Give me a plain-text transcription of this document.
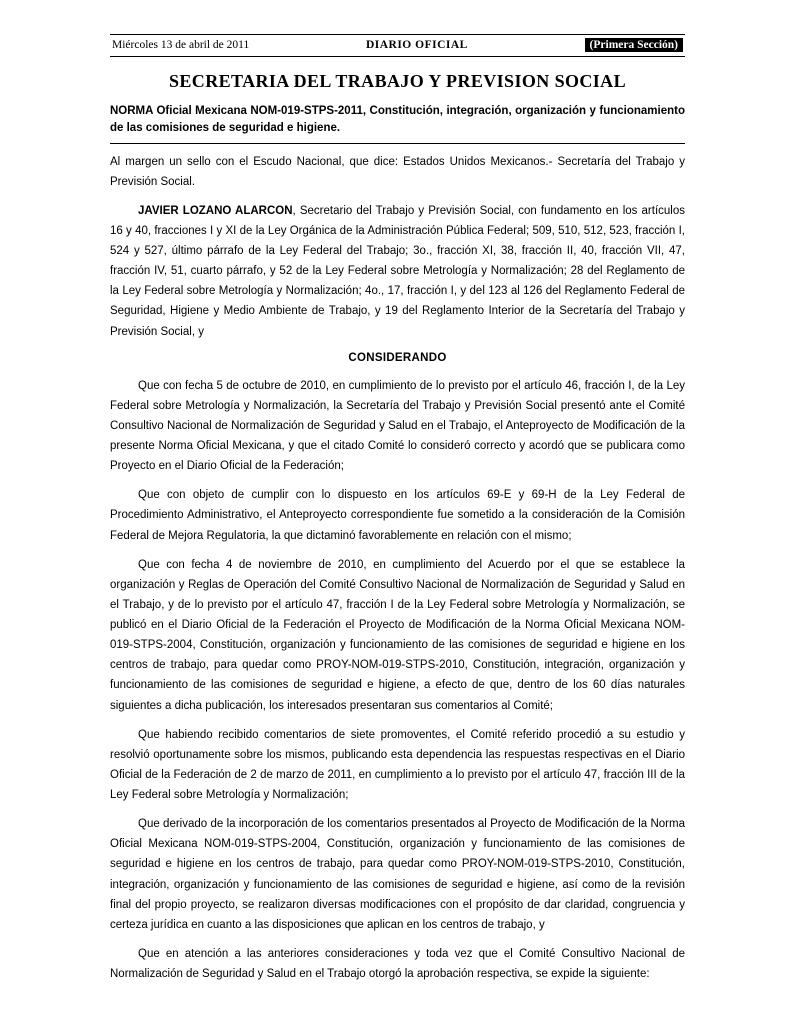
Miércoles 13 de abril de 2011	DIARIO OFICIAL	(Primera Sección)
SECRETARIA DEL TRABAJO Y PREVISION SOCIAL

NORMA Oficial Mexicana NOM-019-STPS-2011, Constitución, integración, organización y funcionamiento de las comisiones de seguridad e higiene.

Al margen un sello con el Escudo Nacional, que dice: Estados Unidos Mexicanos.- Secretaría del Trabajo y Previsión Social.

JAVIER LOZANO ALARCON, Secretario del Trabajo y Previsión Social, con fundamento en los artículos 16 y 40, fracciones I y XI de la Ley Orgánica de la Administración Pública Federal; 509, 510, 512, 523, fracción I, 524 y 527, último párrafo de la Ley Federal del Trabajo; 3o., fracción XI, 38, fracción II, 40, fracción VII, 47, fracción IV, 51, cuarto párrafo, y 52 de la Ley Federal sobre Metrología y Normalización; 28 del Reglamento de la Ley Federal sobre Metrología y Normalización; 4o., 17, fracción I, y del 123 al 126 del Reglamento Federal de Seguridad, Higiene y Medio Ambiente de Trabajo, y 19 del Reglamento Interior de la Secretaría del Trabajo y Previsión Social, y

CONSIDERANDO

Que con fecha 5 de octubre de 2010, en cumplimiento de lo previsto por el artículo 46, fracción I, de la Ley Federal sobre Metrología y Normalización, la Secretaría del Trabajo y Previsión Social presentó ante el Comité Consultivo Nacional de Normalización de Seguridad y Salud en el Trabajo, el Anteproyecto de Modificación de la presente Norma Oficial Mexicana, y que el citado Comité lo consideró correcto y acordó que se publicara como Proyecto en el Diario Oficial de la Federación;

Que con objeto de cumplir con lo dispuesto en los artículos 69-E y 69-H de la Ley Federal de Procedimiento Administrativo, el Anteproyecto correspondiente fue sometido a la consideración de la Comisión Federal de Mejora Regulatoria, la que dictaminó favorablemente en relación con el mismo;

Que con fecha 4 de noviembre de 2010, en cumplimiento del Acuerdo por el que se establece la organización y Reglas de Operación del Comité Consultivo Nacional de Normalización de Seguridad y Salud en el Trabajo, y de lo previsto por el artículo 47, fracción I de la Ley Federal sobre Metrología y Normalización, se publicó en el Diario Oficial de la Federación el Proyecto de Modificación de la Norma Oficial Mexicana NOM-019-STPS-2004, Constitución, organización y funcionamiento de las comisiones de seguridad e higiene en los centros de trabajo, para quedar como PROY-NOM-019-STPS-2010, Constitución, integración, organización y funcionamiento de las comisiones de seguridad e higiene, a efecto de que, dentro de los 60 días naturales siguientes a dicha publicación, los interesados presentaran sus comentarios al Comité;

Que habiendo recibido comentarios de siete promoventes, el Comité referido procedió a su estudio y resolvió oportunamente sobre los mismos, publicando esta dependencia las respuestas respectivas en el Diario Oficial de la Federación de 2 de marzo de 2011, en cumplimiento a lo previsto por el artículo 47, fracción III de la Ley Federal sobre Metrología y Normalización;

Que derivado de la incorporación de los comentarios presentados al Proyecto de Modificación de la Norma Oficial Mexicana NOM-019-STPS-2004, Constitución, organización y funcionamiento de las comisiones de seguridad e higiene en los centros de trabajo, para quedar como PROY-NOM-019-STPS-2010, Constitución, integración, organización y funcionamiento de las comisiones de seguridad e higiene, así como de la revisión final del propio proyecto, se realizaron diversas modificaciones con el propósito de dar claridad, congruencia y certeza jurídica en cuanto a las disposiciones que aplican en los centros de trabajo, y

Que en atención a las anteriores consideraciones y toda vez que el Comité Consultivo Nacional de Normalización de Seguridad y Salud en el Trabajo otorgó la aprobación respectiva, se expide la siguiente:
